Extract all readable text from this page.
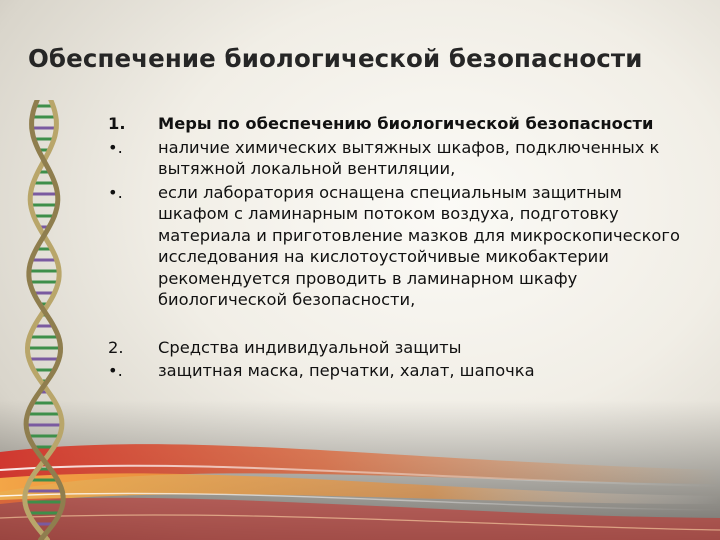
Обеспечение биологической безопасности
1.	Меры по обеспечению биологической безопасности
•.	наличие химических вытяжных шкафов, подключенных к вытяжной локальной вентиляции,
•.	если лаборатория оснащена специальным защитным шкафом с ламинарным потоком воздуха, подготовку материала и приготовление мазков для микроскопического исследования на кислотоустойчивые микобактерии рекомендуется проводить в ламинарном шкафу биологической безопасности,
2.	Средства индивидуальной защиты
•.	защитная маска, перчатки, халат, шапочка
